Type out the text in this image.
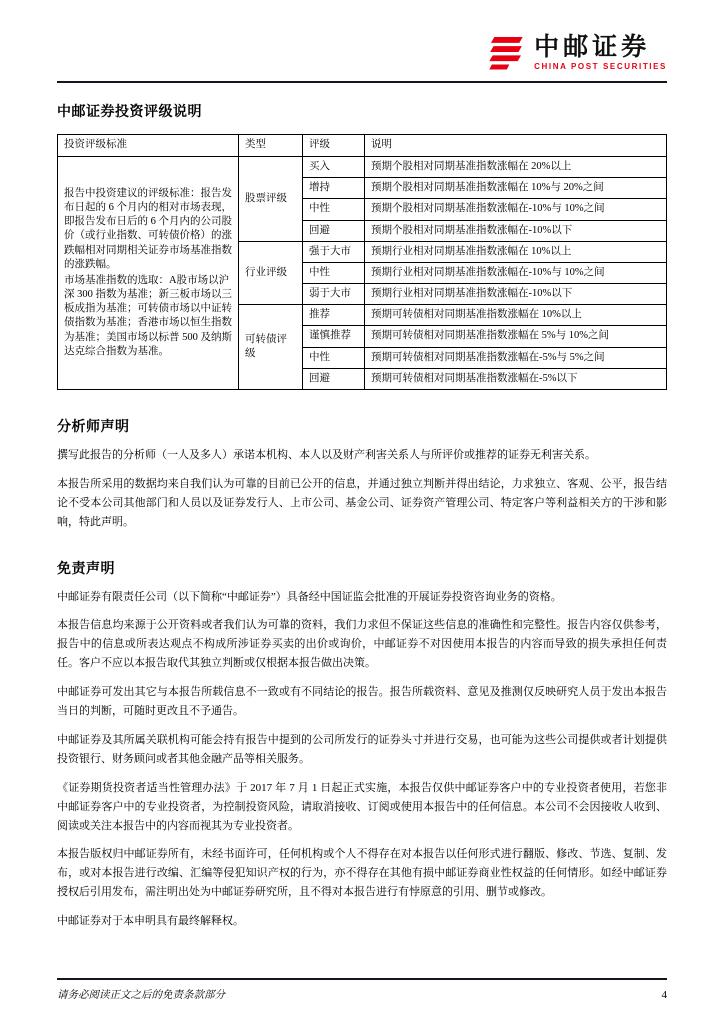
中邮证券
CHINA POST SECURITIES
中邮证券投资评级说明
投资评级标准	类型	评级	说明

报告中投资建议的评级标准：报告发布日起的 6 个月内的相对市场表现，即报告发布日后的 6 个月内的公司股价（或行业指数、可转债价格）的涨跌幅相对同期相关证券市场基准指数的涨跌幅。

市场基准指数的选取：A股市场以沪深 300 指数为基准；新三板市场以三板成指为基准；可转债市场以中证转债指数为基准；香港市场以恒生指数为基准；美国市场以标普 500 及纳斯达克综合指数为基准。	股票评级	买入	预期个股相对同期基准指数涨幅在 20%以上
		增持	预期个股相对同期基准指数涨幅在 10%与 20%之间
		中性	预期个股相对同期基准指数涨幅在-10%与 10%之间
		回避	预期个股相对同期基准指数涨幅在-10%以下
	行业评级	强于大市	预期行业相对同期基准指数涨幅在 10%以上
		中性	预期行业相对同期基准指数涨幅在-10%与 10%之间
		弱于大市	预期行业相对同期基准指数涨幅在-10%以下
	可转债评级	推荐	预期可转债相对同期基准指数涨幅在 10%以上
		谨慎推荐	预期可转债相对同期基准指数涨幅在 5%与 10%之间
		中性	预期可转债相对同期基准指数涨幅在-5%与 5%之间
		回避	预期可转债相对同期基准指数涨幅在-5%以下
分析师声明

撰写此报告的分析师（一人及多人）承诺本机构、本人以及财产利害关系人与所评价或推荐的证券无利害关系。

本报告所采用的数据均来自我们认为可靠的目前已公开的信息，并通过独立判断并得出结论，力求独立、客观、公平，报告结论不受本公司其他部门和人员以及证券发行人、上市公司、基金公司、证券资产管理公司、特定客户等利益相关方的干涉和影响，特此声明。

免责声明

中邮证券有限责任公司（以下简称“中邮证券”）具备经中国证监会批准的开展证券投资咨询业务的资格。

本报告信息均来源于公开资料或者我们认为可靠的资料，我们力求但不保证这些信息的准确性和完整性。报告内容仅供参考，报告中的信息或所表达观点不构成所涉证券买卖的出价或询价，中邮证券不对因使用本报告的内容而导致的损失承担任何责任。客户不应以本报告取代其独立判断或仅根据本报告做出决策。

中邮证券可发出其它与本报告所载信息不一致或有不同结论的报告。报告所载资料、意见及推测仅反映研究人员于发出本报告当日的判断，可随时更改且不予通告。

中邮证券及其所属关联机构可能会持有报告中提到的公司所发行的证券头寸并进行交易，也可能为这些公司提供或者计划提供投资银行、财务顾问或者其他金融产品等相关服务。

《证券期货投资者适当性管理办法》于 2017 年 7 月 1 日起正式实施，本报告仅供中邮证券客户中的专业投资者使用，若您非中邮证券客户中的专业投资者，为控制投资风险，请取消接收、订阅或使用本报告中的任何信息。本公司不会因接收人收到、阅读或关注本报告中的内容而视其为专业投资者。

本报告版权归中邮证券所有，未经书面许可，任何机构或个人不得存在对本报告以任何形式进行翻版、修改、节选、复制、发布，或对本报告进行改编、汇编等侵犯知识产权的行为，亦不得存在其他有损中邮证券商业性权益的任何情形。如经中邮证券授权后引用发布，需注明出处为中邮证券研究所，且不得对本报告进行有悖原意的引用、删节或修改。

中邮证券对于本申明具有最终解释权。

请务必阅读正文之后的免责条款部分	4
